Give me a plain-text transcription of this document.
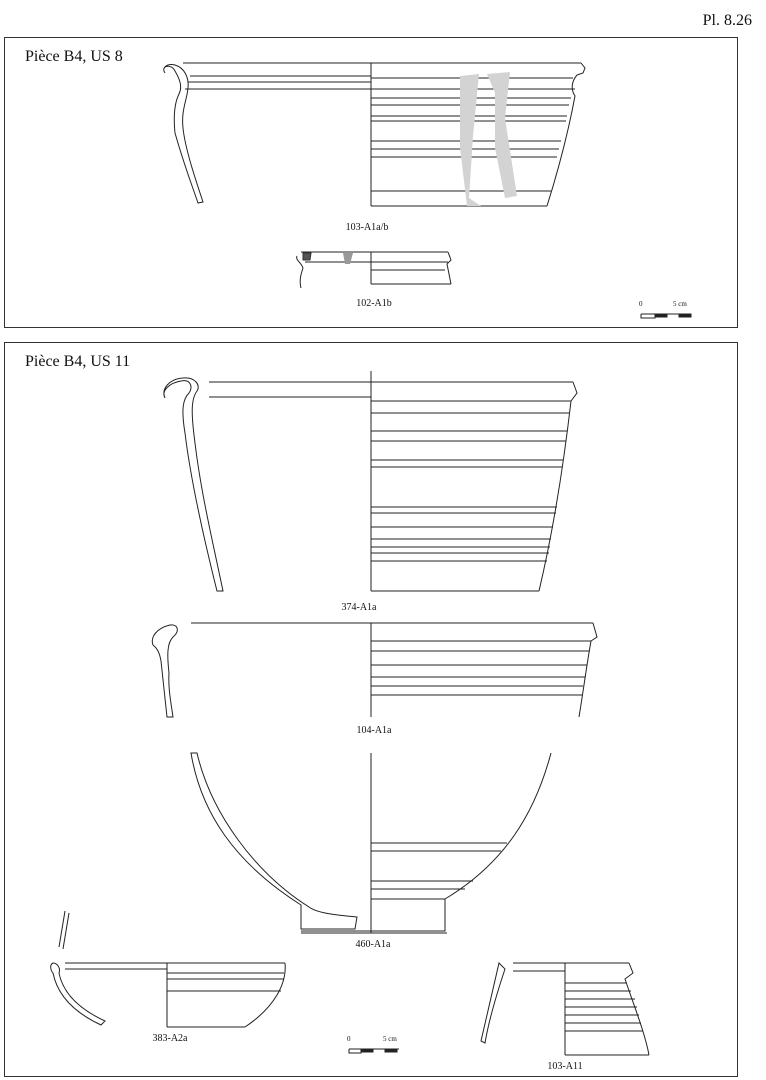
Pl. 8.26
Pièce B4, US 8
103-A1a/b
102-A1b	0	5 cm
Pièce B4, US 11
374-A1a
104-A1a
460-A1a
383-A2a
103-A11
0	5 cm
